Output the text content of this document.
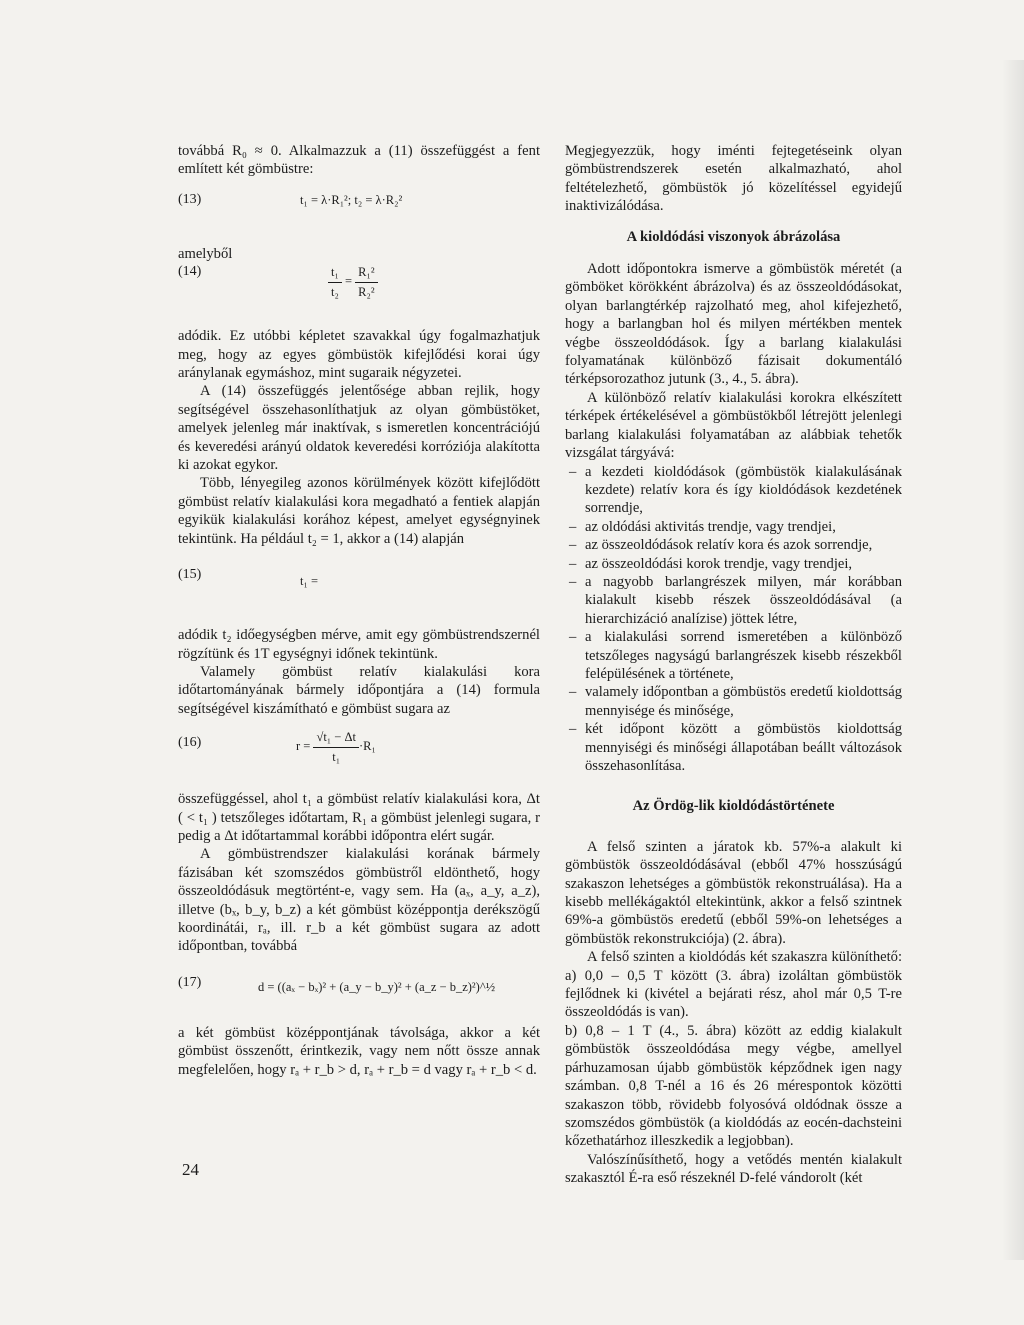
továbbá R₀ ≈ 0. Alkalmazzuk a (11) összefüggést a fent említett két gömbüstre:

(13)	t₁ = λ·R₁²; t₂ = λ·R₂²

amelyből

(14)	$\frac{\text{t₁}}{\text{t₂}} = \frac{\text{R₁²}}{\text{R₂²}}$

adódik. Ez utóbbi képletet szavakkal úgy fogalmazhatjuk meg, hogy az egyes gömbüstök kifejlődési korai úgy aránylanak egymáshoz, mint sugaraik négyzetei.

A (14) összefüggés jelentősége abban rejlik, hogy segítségével összehasonlíthatjuk az olyan gömbüstöket, amelyek jelenleg már inaktívak, s ismeretlen koncentrációjú és keveredési arányú oldatok keveredési korróziója alakította ki azokat egykor.

Több, lényegileg azonos körülmények között kifejlődött gömbüst relatív kialakulási kora megadható a fentiek alapján egyikük kialakulási korához képest, amelyet egységnyinek tekintünk. Ha például t₂ = 1, akkor a (14) alapján

(15)	t₁ =

adódik t₂ időegységben mérve, amit egy gömbüstrendszernél rögzítünk és 1T egységnyi időnek tekintünk.

Valamely gömbüst relatív kialakulási kora időtartományának bármely időpontjára a (14) formula segítségével kiszámítható e gömbüst sugara az

(16)	$r = \frac{\text{√t₁ − Δt}}{\text{t₁}} \cdot R_1$

összefüggéssel, ahol t₁ a gömbüst relatív kialakulási kora, Δt ( < t₁ ) tetszőleges időtartam, R₁ a gömbüst jelenlegi sugara, r pedig a Δt időtartammal korábbi időpontra elért sugár.

A gömbüstrendszer kialakulási korának bármely fázisában két szomszédos gömbüstről eldönthető, hogy összeoldódásuk megtörtént-e, vagy sem. Ha (aₓ, a_y, a_z), illetve (bₓ, b_y, b_z) a két gömbüst középpontja derékszögű koordinátái, rₐ, ill. r_b a két gömbüst sugara az adott időpontban, továbbá

(17)	d = ((aₓ − bₓ)² + (a_y − b_y)² + (a_z − b_z)²)^½

a két gömbüst középpontjának távolsága, akkor a két gömbüst összenőtt, érintkezik, vagy nem nőtt össze annak megfelelően, hogy rₐ + r_b > d, rₐ + r_b = d vagy rₐ + r_b < d.

Megjegyezzük, hogy iménti fejtegetéseink olyan gömbüstrendszerek esetén alkalmazható, ahol feltételezhető, gömbüstök jó közelítéssel egyidejű inaktivizálódása.

A kioldódási viszonyok ábrázolása

Adott időpontokra ismerve a gömbüstök méretét (a gömböket körökként ábrázolva) és az összeoldódásokat, olyan barlangtérkép rajzolható meg, ahol kifejezhető, hogy a barlangban hol és milyen mértékben mentek végbe összeoldódások. Így a barlang kialakulási folyamatának különböző fázisait dokumentáló térképsorozathoz jutunk (3., 4., 5. ábra).

A különböző relatív kialakulási korokra elkészített térképek értékelésével a gömbüstökből létrejött jelenlegi barlang kialakulási folyamatában az alábbiak tehetők vizsgálat tárgyává:

– a kezdeti kioldódások (gömbüstök kialakulásának kezdete) relatív kora és így kioldódások kezdetének sorrendje,
– az oldódási aktivitás trendje, vagy trendjei,
– az összeoldódások relatív kora és azok sorrendje,
– az összeoldódási korok trendje, vagy trendjei,
– a nagyobb barlangrészek milyen, már korábban kialakult kisebb részek összeoldódásával (a hierarchizáció analízise) jöttek létre,
– a kialakulási sorrend ismeretében a különböző tetszőleges nagyságú barlangrészek kisebb részekből felépülésének a története,
– valamely időpontban a gömbüstös eredetű kioldottság mennyisége és minősége,
– két időpont között a gömbüstös kioldottság mennyiségi és minőségi állapotában beállt változások összehasonlítása.
Az Ördög-lik kioldódástörténete

A felső szinten a járatok kb. 57%-a alakult ki gömbüstök összeoldódásával (ebből 47% hosszúságú szakaszon lehetséges a gömbüstök rekonstruálása). Ha a kisebb mellékágaktól eltekintünk, akkor a felső szintnek 69%-a gömbüstös eredetű (ebből 59%-on lehetséges a gömbüstök rekonstrukciója) (2. ábra).

A felső szinten a kioldódás két szakaszra különíthető: a) 0,0 – 0,5 T között (3. ábra) izoláltan gömbüstök fejlődnek ki (kivétel a bejárati rész, ahol már 0,5 T-re összeoldódás is van).

b) 0,8 – 1 T (4., 5. ábra) között az eddig kialakult gömbüstök összeoldódása megy végbe, amellyel párhuzamosan újabb gömbüstök képződnek igen nagy számban. 0,8 T-nél a 16 és 26 mérespontok közötti szakaszon több, rövidebb folyosóvá oldódnak össze a szomszédos gömbüstök (a kioldódás az eocén-dachsteini kőzethatárhoz illeszkedik a legjobban).

Valószínűsíthető, hogy a vetődés mentén kialakult szakasztól É-ra eső részeknél D-felé vándorolt (két

24
